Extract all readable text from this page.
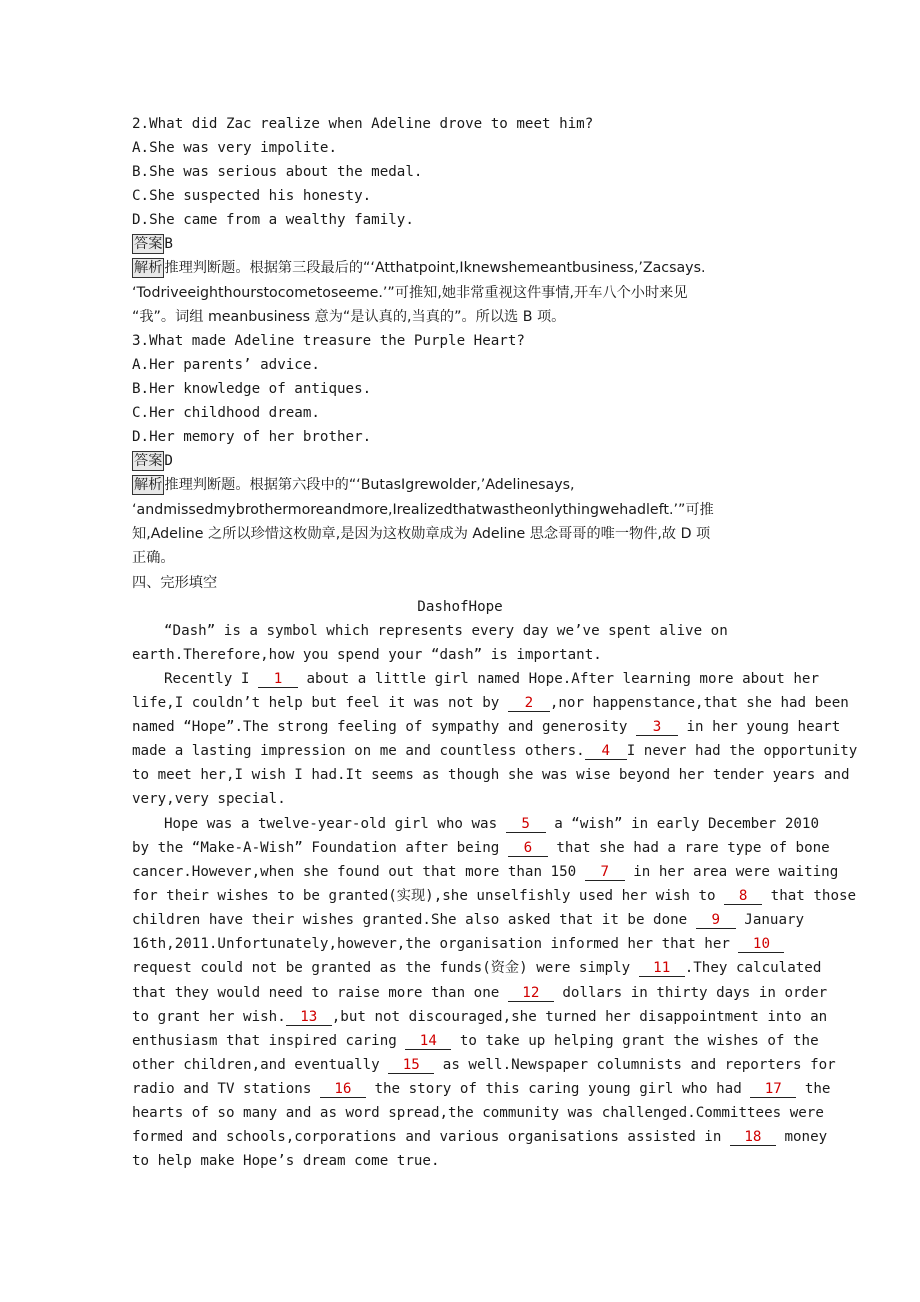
2.What did Zac realize when Adeline drove to meet him?
A.She was very impolite.
B.She was serious about the medal.
C.She suspected his honesty.
D.She came from a wealthy family.
答案 B
解析 推理判断题。根据第三段最后的“‘Atthatpoint,Iknewshemeantbusiness,’Zacsays.
‘Todriveeighthourstocometoseeme.’”可推知,她非常重视这件事情,开车八个小时来见
“我”。词组 meanbusiness 意为“是认真的,当真的”。所以选 B 项。
3.What made Adeline treasure the Purple Heart?
A.Her parents’ advice.
B.Her knowledge of antiques.
C.Her childhood dream.
D.Her memory of her brother.
答案 D
解析 推理判断题。根据第六段中的“‘ButasIgrewolder,’Adelinesays,
‘andmissedmybrothermoreandmore,Irealizedthatwastheonlythingwehadleft.’”可推
知,Adeline 之所以珍惜这枚勋章,是因为这枚勋章成为 Adeline 思念哥哥的唯一物件,故 D 项
正确。
四、完形填空
DashofHope
“Dash” is a symbol which represents every day we’ve spent alive on
earth.Therefore,how you spend your “dash” is important.
Recently I 1 about a little girl named Hope.After learning more about her
life,I couldn’t help but feel it was not by 2 ,nor happenstance,that she had been
named “Hope”.The strong feeling of sympathy and generosity 3 in her young heart
made a lasting impression on me and countless others. 4 I never had the opportunity
to meet her,I wish I had.It seems as though she was wise beyond her tender years and
very,very special.
Hope was a twelve-year-old girl who was 5 a “wish” in early December 2010
by the “Make-A-Wish” Foundation after being 6 that she had a rare type of bone
cancer.However,when she found out that more than 150 7 in her area were waiting
for their wishes to be granted(实现),she unselfishly used her wish to 8 that those
children have their wishes granted.She also asked that it be done 9 January
16th,2011.Unfortunately,however,the organisation informed her that her 10
request could not be granted as the funds(资金) were simply 11 .They calculated
that they would need to raise more than one 12 dollars in thirty days in order
to grant her wish. 13 ,but not discouraged,she turned her disappointment into an
enthusiasm that inspired caring 14 to take up helping grant the wishes of the
other children,and eventually 15 as well.Newspaper columnists and reporters for
radio and TV stations 16 the story of this caring young girl who had 17 the
hearts of so many and as word spread,the community was challenged.Committees were
formed and schools,corporations and various organisations assisted in 18 money
to help make Hope’s dream come true.
